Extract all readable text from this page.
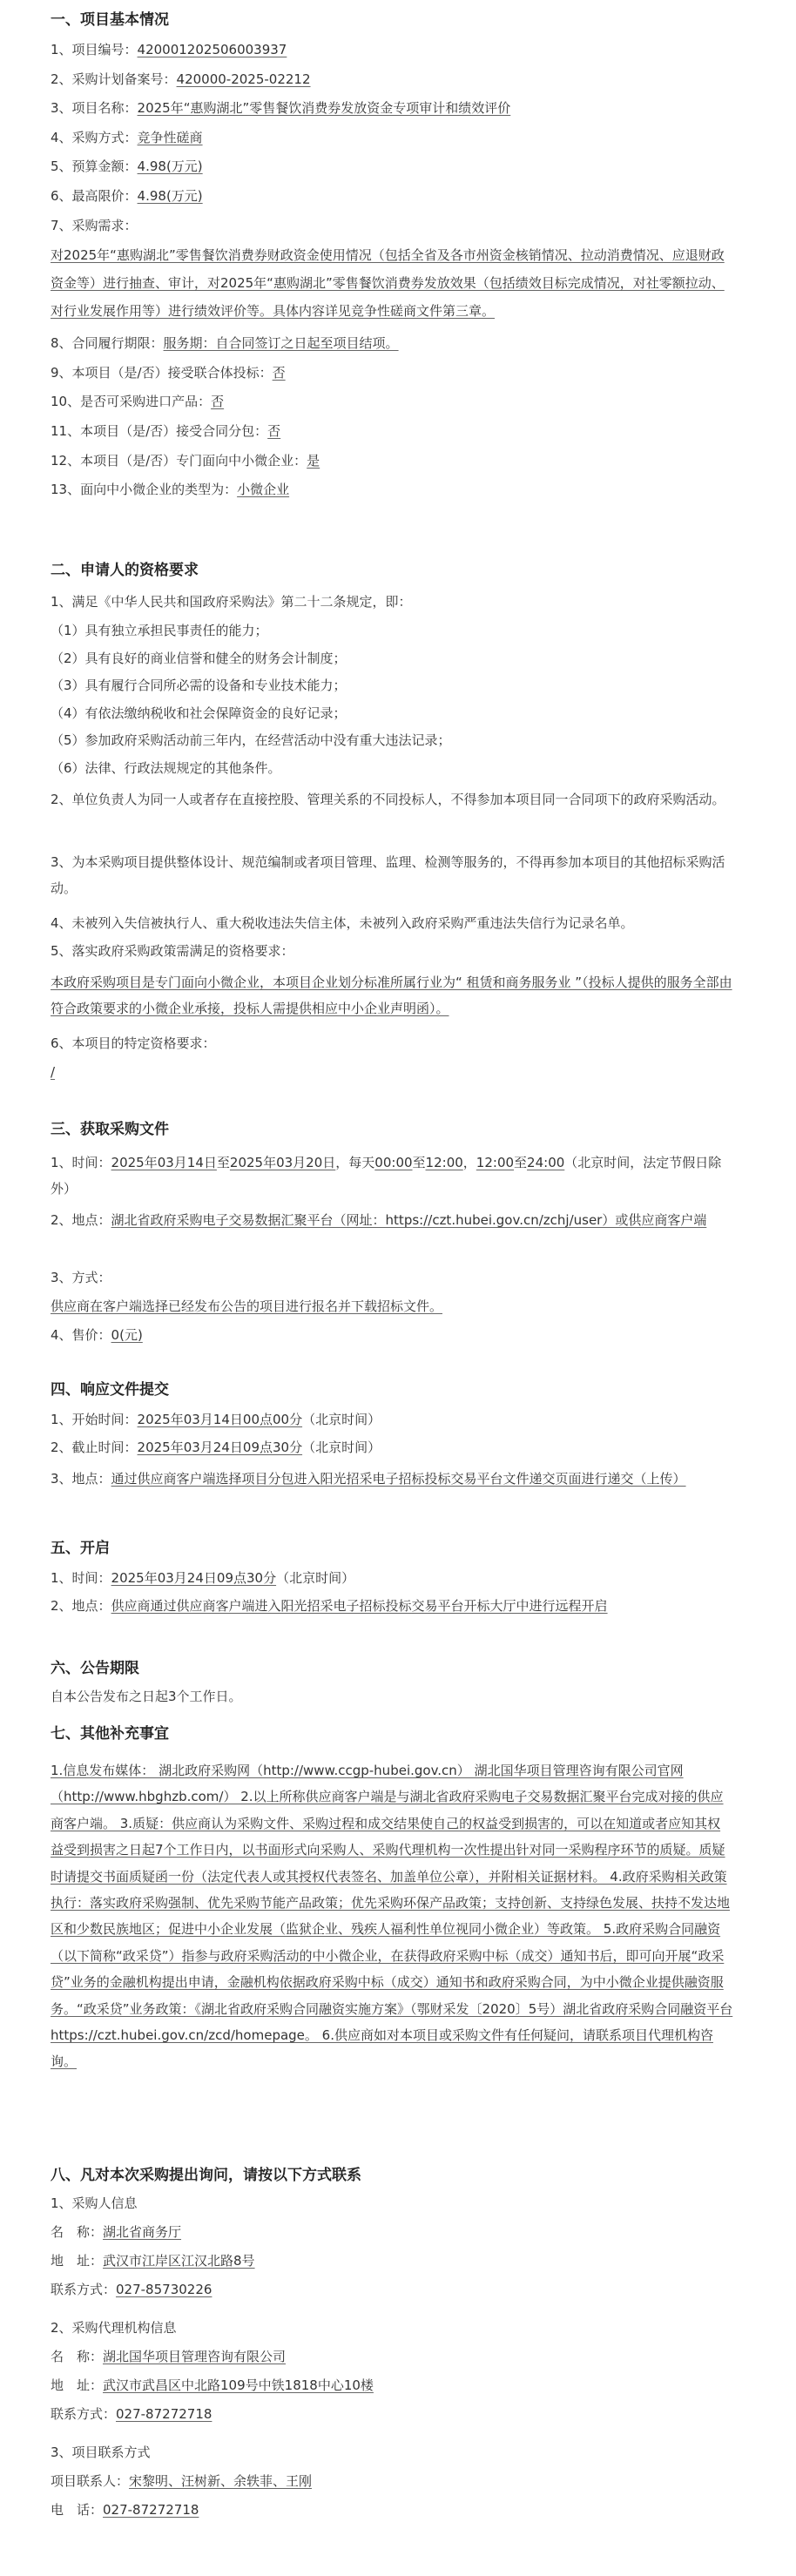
一、项目基本情况
1、项目编号：420001202506003937
2、采购计划备案号：420000-2025-02212
3、项目名称：2025年“惠购湖北”零售餐饮消费券发放资金专项审计和绩效评价
4、采购方式：竞争性磋商
5、预算金额：4.98(万元)
6、最高限价：4.98(万元)
7、采购需求：
对2025年“惠购湖北”零售餐饮消费券财政资金使用情况（包括全省及各市州资金核销情况、拉动消费情况、应退财政资金等）进行抽查、审计，对2025年“惠购湖北”零售餐饮消费券发放效果（包括绩效目标完成情况，对社零额拉动、对行业发展作用等）进行绩效评价等。具体内容详见竞争性磋商文件第三章。
8、合同履行期限：服务期：自合同签订之日起至项目结项。
9、本项目（是/否）接受联合体投标：否
10、是否可采购进口产品：否
11、本项目（是/否）接受合同分包：否
12、本项目（是/否）专门面向中小微企业：是
13、面向中小微企业的类型为：小微企业
二、申请人的资格要求
1、满足《中华人民共和国政府采购法》第二十二条规定，即：
（1）具有独立承担民事责任的能力；
（2）具有良好的商业信誉和健全的财务会计制度；
（3）具有履行合同所必需的设备和专业技术能力；
（4）有依法缴纳税收和社会保障资金的良好记录；
（5）参加政府采购活动前三年内，在经营活动中没有重大违法记录；
（6）法律、行政法规规定的其他条件。
2、单位负责人为同一人或者存在直接控股、管理关系的不同投标人，不得参加本项目同一合同项下的政府采购活动。
3、为本采购项目提供整体设计、规范编制或者项目管理、监理、检测等服务的，不得再参加本项目的其他招标采购活动。
4、未被列入失信被执行人、重大税收违法失信主体，未被列入政府采购严重违法失信行为记录名单。
5、落实政府采购政策需满足的资格要求：
本政府采购项目是专门面向小微企业，本项目企业划分标准所属行业为“ 租赁和商务服务业 ”（投标人提供的服务全部由符合政策要求的小微企业承接，投标人需提供相应中小企业声明函）。
6、本项目的特定资格要求：
/
三、获取采购文件
1、时间：2025年03月14日至2025年03月20日，每天00:00至12:00，12:00至24:00（北京时间，法定节假日除外）
2、地点：湖北省政府采购电子交易数据汇聚平台（网址：https://czt.hubei.gov.cn/zchj/user）或供应商客户端
3、方式：
供应商在客户端选择已经发布公告的项目进行报名并下载招标文件。
4、售价：0(元)
四、响应文件提交
1、开始时间：2025年03月14日00点00分（北京时间）
2、截止时间：2025年03月24日09点30分（北京时间）
3、地点：通过供应商客户端选择项目分包进入阳光招采电子招标投标交易平台文件递交页面进行递交（上传）
五、开启
1、时间：2025年03月24日09点30分（北京时间）
2、地点：供应商通过供应商客户端进入阳光招采电子招标投标交易平台开标大厅中进行远程开启
六、公告期限
自本公告发布之日起3个工作日。
七、其他补充事宜
1.信息发布媒体： 湖北政府采购网（http://www.ccgp-hubei.gov.cn） 湖北国华项目管理咨询有限公司官网（http://www.hbghzb.com/） 2.以上所称供应商客户端是与湖北省政府采购电子交易数据汇聚平台完成对接的供应商客户端。 3.质疑：供应商认为采购文件、采购过程和成交结果使自己的权益受到损害的，可以在知道或者应知其权益受到损害之日起7个工作日内，以书面形式向采购人、采购代理机构一次性提出针对同一采购程序环节的质疑。质疑时请提交书面质疑函一份（法定代表人或其授权代表签名、加盖单位公章），并附相关证据材料。 4.政府采购相关政策执行：落实政府采购强制、优先采购节能产品政策；优先采购环保产品政策；支持创新、支持绿色发展、扶持不发达地区和少数民族地区；促进中小企业发展（监狱企业、残疾人福利性单位视同小微企业）等政策。 5.政府采购合同融资（以下简称“政采贷”）指参与政府采购活动的中小微企业，在获得政府采购中标（成交）通知书后，即可向开展“政采贷”业务的金融机构提出申请，金融机构依据政府采购中标（成交）通知书和政府采购合同，为中小微企业提供融资服务。“政采贷”业务政策：《湖北省政府采购合同融资实施方案》（鄂财采发〔2020〕5号）湖北省政府采购合同融资平台https://czt.hubei.gov.cn/zcd/homepage。 6.供应商如对本项目或采购文件有任何疑问，请联系项目代理机构咨询。
八、凡对本次采购提出询问，请按以下方式联系
1、采购人信息
名　称：湖北省商务厅
地　址：武汉市江岸区江汉北路8号
联系方式：027-85730226
2、采购代理机构信息
名　称：湖北国华项目管理咨询有限公司
地　址：武汉市武昌区中北路109号中铁1818中心10楼
联系方式：027-87272718
3、项目联系方式
项目联系人：宋黎明、汪树新、余轶菲、王刚
电　话：027-87272718
